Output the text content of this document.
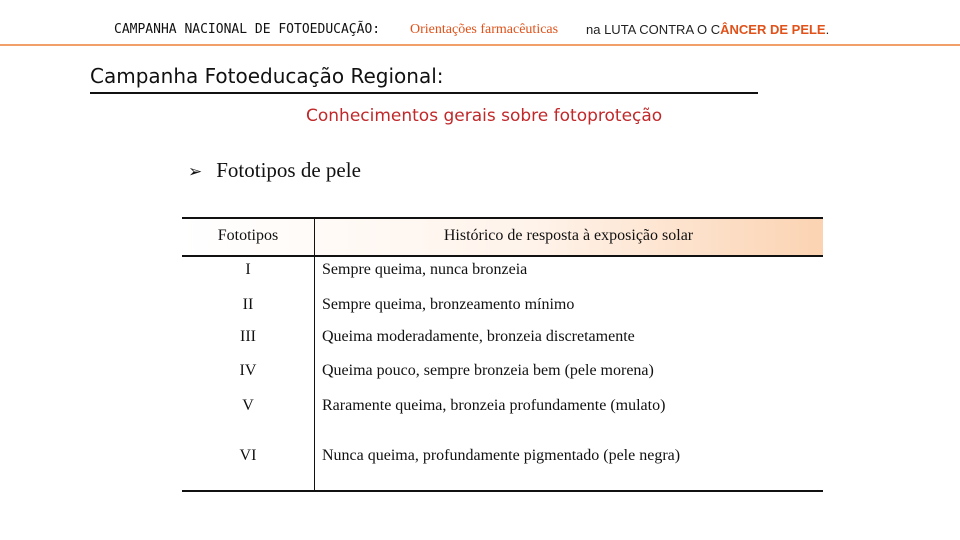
CAMPANHA NACIONAL DE FOTOEDUCAÇÃO: Orientações farmacêuticas na LUTA CONTRA O CÂNCER DE PELE.
Campanha Fotoeducação Regional:
Conhecimentos gerais sobre fotoproteção
➢ Fototipos de pele
Fototipos	Histórico de resposta à exposição solar
I	Sempre queima, nunca bronzeia
II	Sempre queima, bronzeamento mínimo
III	Queima moderadamente, bronzeia discretamente
IV	Queima pouco, sempre bronzeia bem (pele morena)
V	Raramente queima, bronzeia profundamente (mulato)
VI	Nunca queima, profundamente pigmentado (pele negra)
